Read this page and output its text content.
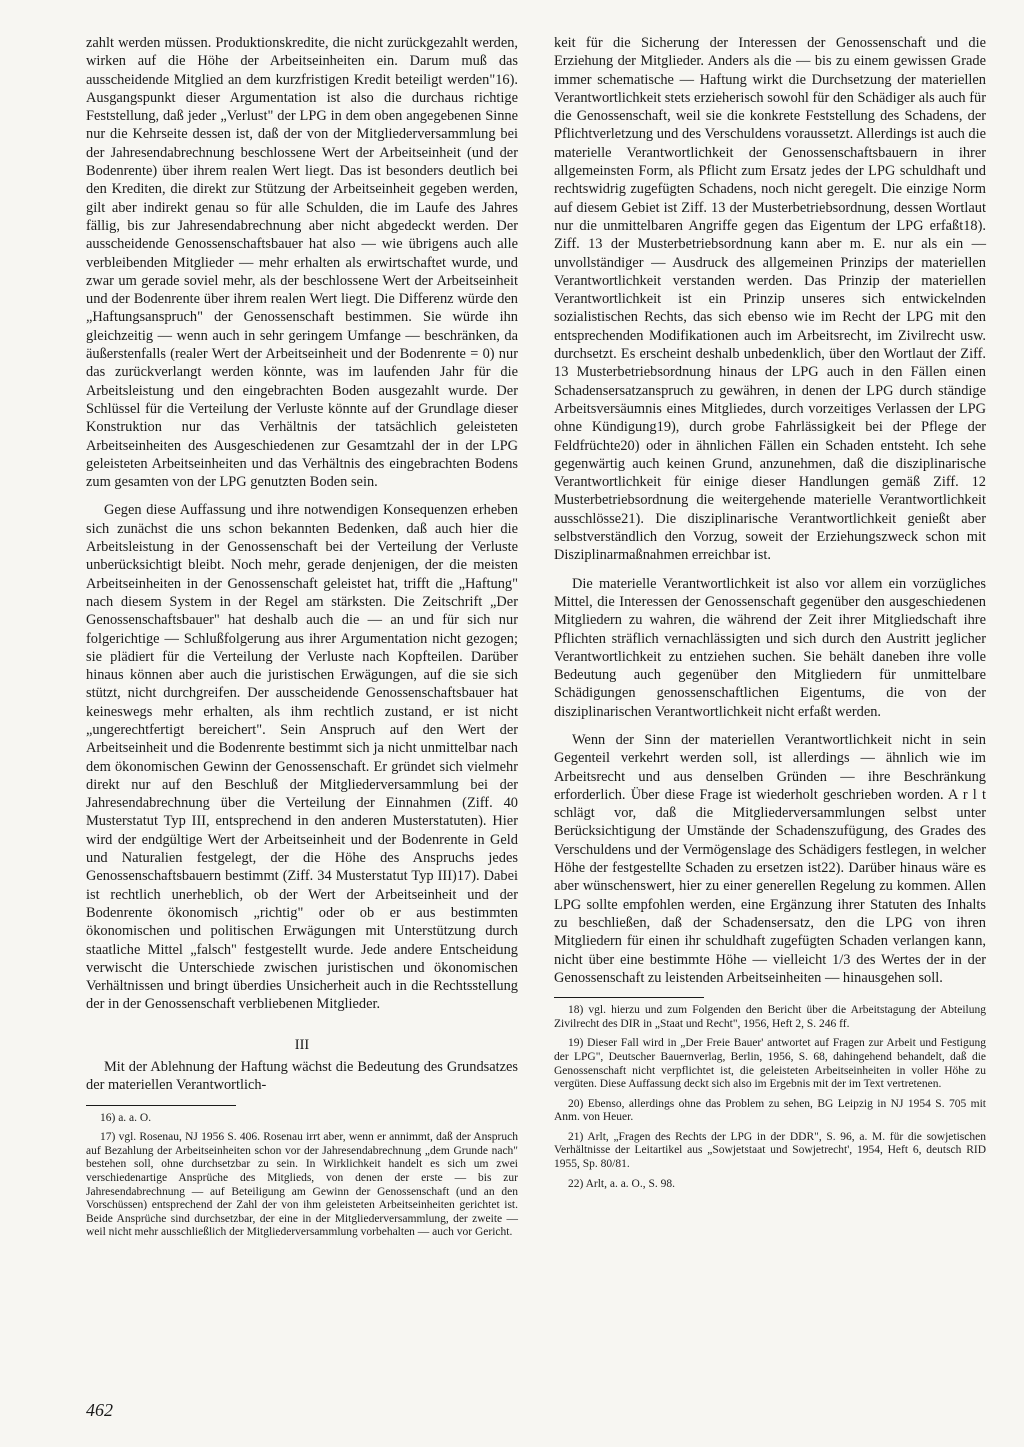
zahlt werden müssen. Produktionskredite, die nicht zurückgezahlt werden, wirken auf die Höhe der Arbeitseinheiten ein. Darum muß das ausscheidende Mitglied an dem kurzfristigen Kredit beteiligt werden"16). Ausgangspunkt dieser Argumentation ist also die durchaus richtige Feststellung, daß jeder „Verlust" der LPG in dem oben angegebenen Sinne nur die Kehrseite dessen ist, daß der von der Mitgliederversammlung bei der Jahresendabrechnung beschlossene Wert der Arbeitseinheit (und der Bodenrente) über ihrem realen Wert liegt. Das ist besonders deutlich bei den Krediten, die direkt zur Stützung der Arbeitseinheit gegeben werden, gilt aber indirekt genau so für alle Schulden, die im Laufe des Jahres fällig, bis zur Jahresendabrechnung aber nicht abgedeckt werden. Der ausscheidende Genossenschaftsbauer hat also — wie übrigens auch alle verbleibenden Mitglieder — mehr erhalten als erwirtschaftet wurde, und zwar um gerade soviel mehr, als der beschlossene Wert der Arbeitseinheit und der Bodenrente über ihrem realen Wert liegt. Die Differenz würde den „Haftungsanspruch" der Genossenschaft bestimmen. Sie würde ihn gleichzeitig — wenn auch in sehr geringem Umfange — beschränken, da äußerstenfalls (realer Wert der Arbeitseinheit und der Bodenrente = 0) nur das zurückverlangt werden könnte, was im laufenden Jahr für die Arbeitsleistung und den eingebrachten Boden ausgezahlt wurde. Der Schlüssel für die Verteilung der Verluste könnte auf der Grundlage dieser Konstruktion nur das Verhältnis der tatsächlich geleisteten Arbeitseinheiten des Ausgeschiedenen zur Gesamtzahl der in der LPG geleisteten Arbeitseinheiten und das Verhältnis des eingebrachten Bodens zum gesamten von der LPG genutzten Boden sein.

Gegen diese Auffassung und ihre notwendigen Konsequenzen erheben sich zunächst die uns schon bekannten Bedenken, daß auch hier die Arbeitsleistung in der Genossenschaft bei der Verteilung der Verluste unberücksichtigt bleibt. Noch mehr, gerade denjenigen, der die meisten Arbeitseinheiten in der Genossenschaft geleistet hat, trifft die „Haftung" nach diesem System in der Regel am stärksten. Die Zeitschrift „Der Genossenschaftsbauer" hat deshalb auch die — an und für sich nur folgerichtige — Schlußfolgerung aus ihrer Argumentation nicht gezogen; sie plädiert für die Verteilung der Verluste nach Kopfteilen. Darüber hinaus können aber auch die juristischen Erwägungen, auf die sie sich stützt, nicht durchgreifen. Der ausscheidende Genossenschaftsbauer hat keineswegs mehr erhalten, als ihm rechtlich zustand, er ist nicht „ungerechtfertigt bereichert". Sein Anspruch auf den Wert der Arbeitseinheit und die Bodenrente bestimmt sich ja nicht unmittelbar nach dem ökonomischen Gewinn der Genossenschaft. Er gründet sich vielmehr direkt nur auf den Beschluß der Mitgliederversammlung bei der Jahresendabrechnung über die Verteilung der Einnahmen (Ziff. 40 Musterstatut Typ III, entsprechend in den anderen Musterstatuten). Hier wird der endgültige Wert der Arbeitseinheit und der Bodenrente in Geld und Naturalien festgelegt, der die Höhe des Anspruchs jedes Genossenschaftsbauern bestimmt (Ziff. 34 Musterstatut Typ III)17). Dabei ist rechtlich unerheblich, ob der Wert der Arbeitseinheit und der Bodenrente ökonomisch „richtig" oder ob er aus bestimmten ökonomischen und politischen Erwägungen mit Unterstützung durch staatliche Mittel „falsch" festgestellt wurde. Jede andere Entscheidung verwischt die Unterschiede zwischen juristischen und ökonomischen Verhältnissen und bringt überdies Unsicherheit auch in die Rechtsstellung der in der Genossenschaft verbliebenen Mitglieder.

III

Mit der Ablehnung der Haftung wächst die Bedeutung des Grundsatzes der materiellen Verantwortlich-

16) a. a. O.
17) vgl. Rosenau, NJ 1956 S. 406. Rosenau irrt aber, wenn er annimmt, daß der Anspruch auf Bezahlung der Arbeitseinheiten schon vor der Jahresendabrechnung „dem Grunde nach" bestehen soll, ohne durchsetzbar zu sein. In Wirklichkeit handelt es sich um zwei verschiedenartige Ansprüche des Mitglieds, von denen der erste — bis zur Jahresendabrechnung — auf Beteiligung am Gewinn der Genossenschaft (und an den Vorschüssen) entsprechend der Zahl der von ihm geleisteten Arbeitseinheiten gerichtet ist. Beide Ansprüche sind durchsetzbar, der eine in der Mitgliederversammlung, der zweite — weil nicht mehr ausschließlich der Mitgliederversammlung vorbehalten — auch vor Gericht.

keit für die Sicherung der Interessen der Genossenschaft und die Erziehung der Mitglieder. Anders als die — bis zu einem gewissen Grade immer schematische — Haftung wirkt die Durchsetzung der materiellen Verantwortlichkeit stets erzieherisch sowohl für den Schädiger als auch für die Genossenschaft, weil sie die konkrete Feststellung des Schadens, der Pflichtverletzung und des Verschuldens voraussetzt. Allerdings ist auch die materielle Verantwortlichkeit der Genossenschaftsbauern in ihrer allgemeinsten Form, als Pflicht zum Ersatz jedes der LPG schuldhaft und rechtswidrig zugefügten Schadens, noch nicht geregelt. Die einzige Norm auf diesem Gebiet ist Ziff. 13 der Musterbetriebsordnung, dessen Wortlaut nur die unmittelbaren Angriffe gegen das Eigentum der LPG erfaßt18). Ziff. 13 der Musterbetriebsordnung kann aber m. E. nur als ein — unvollständiger — Ausdruck des allgemeinen Prinzips der materiellen Verantwortlichkeit verstanden werden. Das Prinzip der materiellen Verantwortlichkeit ist ein Prinzip unseres sich entwickelnden sozialistischen Rechts, das sich ebenso wie im Recht der LPG mit den entsprechenden Modifikationen auch im Arbeitsrecht, im Zivilrecht usw. durchsetzt. Es erscheint deshalb unbedenklich, über den Wortlaut der Ziff. 13 Musterbetriebsordnung hinaus der LPG auch in den Fällen einen Schadensersatzanspruch zu gewähren, in denen der LPG durch ständige Arbeitsversäumnis eines Mitgliedes, durch vorzeitiges Verlassen der LPG ohne Kündigung19), durch grobe Fahrlässigkeit bei der Pflege der Feldfrüchte20) oder in ähnlichen Fällen ein Schaden entsteht. Ich sehe gegenwärtig auch keinen Grund, anzunehmen, daß die disziplinarische Verantwortlichkeit für einige dieser Handlungen gemäß Ziff. 12 Musterbetriebsordnung die weitergehende materielle Verantwortlichkeit ausschlösse21). Die disziplinarische Verantwortlichkeit genießt aber selbstverständlich den Vorzug, soweit der Erziehungszweck schon mit Disziplinarmaßnahmen erreichbar ist.

Die materielle Verantwortlichkeit ist also vor allem ein vorzügliches Mittel, die Interessen der Genossenschaft gegenüber den ausgeschiedenen Mitgliedern zu wahren, die während der Zeit ihrer Mitgliedschaft ihre Pflichten sträflich vernachlässigten und sich durch den Austritt jeglicher Verantwortlichkeit zu entziehen suchen. Sie behält daneben ihre volle Bedeutung auch gegenüber den Mitgliedern für unmittelbare Schädigungen genossenschaftlichen Eigentums, die von der disziplinarischen Verantwortlichkeit nicht erfaßt werden.

Wenn der Sinn der materiellen Verantwortlichkeit nicht in sein Gegenteil verkehrt werden soll, ist allerdings — ähnlich wie im Arbeitsrecht und aus denselben Gründen — ihre Beschränkung erforderlich. Über diese Frage ist wiederholt geschrieben worden. A r l t schlägt vor, daß die Mitgliederversammlungen selbst unter Berücksichtigung der Umstände der Schadenszufügung, des Grades des Verschuldens und der Vermögenslage des Schädigers festlegen, in welcher Höhe der festgestellte Schaden zu ersetzen ist22). Darüber hinaus wäre es aber wünschenswert, hier zu einer generellen Regelung zu kommen. Allen LPG sollte empfohlen werden, eine Ergänzung ihrer Statuten des Inhalts zu beschließen, daß der Schadensersatz, den die LPG von ihren Mitgliedern für einen ihr schuldhaft zugefügten Schaden verlangen kann, nicht über eine bestimmte Höhe — vielleicht 1/3 des Wertes der in der Genossenschaft zu leistenden Arbeitseinheiten — hinausgehen soll.

18) vgl. hierzu und zum Folgenden den Bericht über die Arbeitstagung der Abteilung Zivilrecht des DIR in „Staat und Recht", 1956, Heft 2, S. 246 ff.
19) Dieser Fall wird in „Der Freie Bauer' antwortet auf Fragen zur Arbeit und Festigung der LPG", Deutscher Bauernverlag, Berlin, 1956, S. 68, dahingehend behandelt, daß die Genossenschaft nicht verpflichtet ist, die geleisteten Arbeitseinheiten in voller Höhe zu vergüten. Diese Auffassung deckt sich also im Ergebnis mit der im Text vertretenen.
20) Ebenso, allerdings ohne das Problem zu sehen, BG Leipzig in NJ 1954 S. 705 mit Anm. von Heuer.
21) Arlt, „Fragen des Rechts der LPG in der DDR", S. 96, a. M. für die sowjetischen Verhältnisse der Leitartikel aus „Sowjetstaat und Sowjetrecht', 1954, Heft 6, deutsch RID 1955, Sp. 80/81.
22) Arlt, a. a. O., S. 98.
462
